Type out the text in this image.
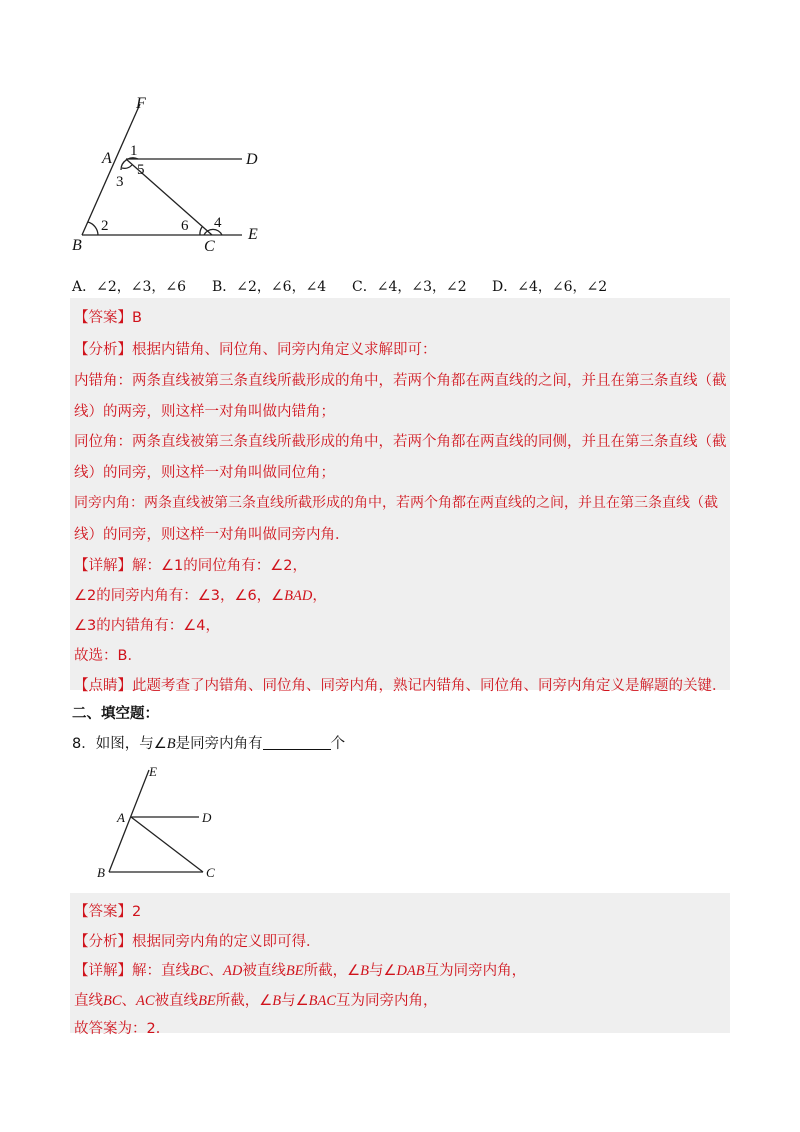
F
A	D
B	C
E
1
3
5
2	6 4
A．∠2，∠3，∠6	B．∠2，∠6，∠4	C．∠4，∠3，∠2	D．∠4，∠6，∠2
【答案】B
【分析】根据内错角、同位角、同旁内角定义求解即可：
内错角：两条直线被第三条直线所截形成的角中，若两个角都在两直线的之间，并且在第三条直线（截
线）的两旁，则这样一对角叫做内错角；
同位角：两条直线被第三条直线所截形成的角中，若两个角都在两直线的同侧，并且在第三条直线（截
线）的同旁，则这样一对角叫做同位角；
同旁内角：两条直线被第三条直线所截形成的角中，若两个角都在两直线的之间，并且在第三条直线（截
线）的同旁，则这样一对角叫做同旁内角．
【详解】解：∠1的同位角有：∠2，
∠2的同旁内角有：∠3，∠6，∠BAD，
∠3的内错角有：∠4，
故选：B．
【点睛】此题考查了内错角、同位角、同旁内角，熟记内错角、同位角、同旁内角定义是解题的关键．
二、填空题：
8．如图，与∠B是同旁内角有	个
E
A	D
B	C
【答案】2
【分析】根据同旁内角的定义即可得．
【详解】解：直线BC、AD被直线BE所截，∠B与∠DAB互为同旁内角，
直线BC、AC被直线BE所截，∠B与∠BAC互为同旁内角，
故答案为：2．
